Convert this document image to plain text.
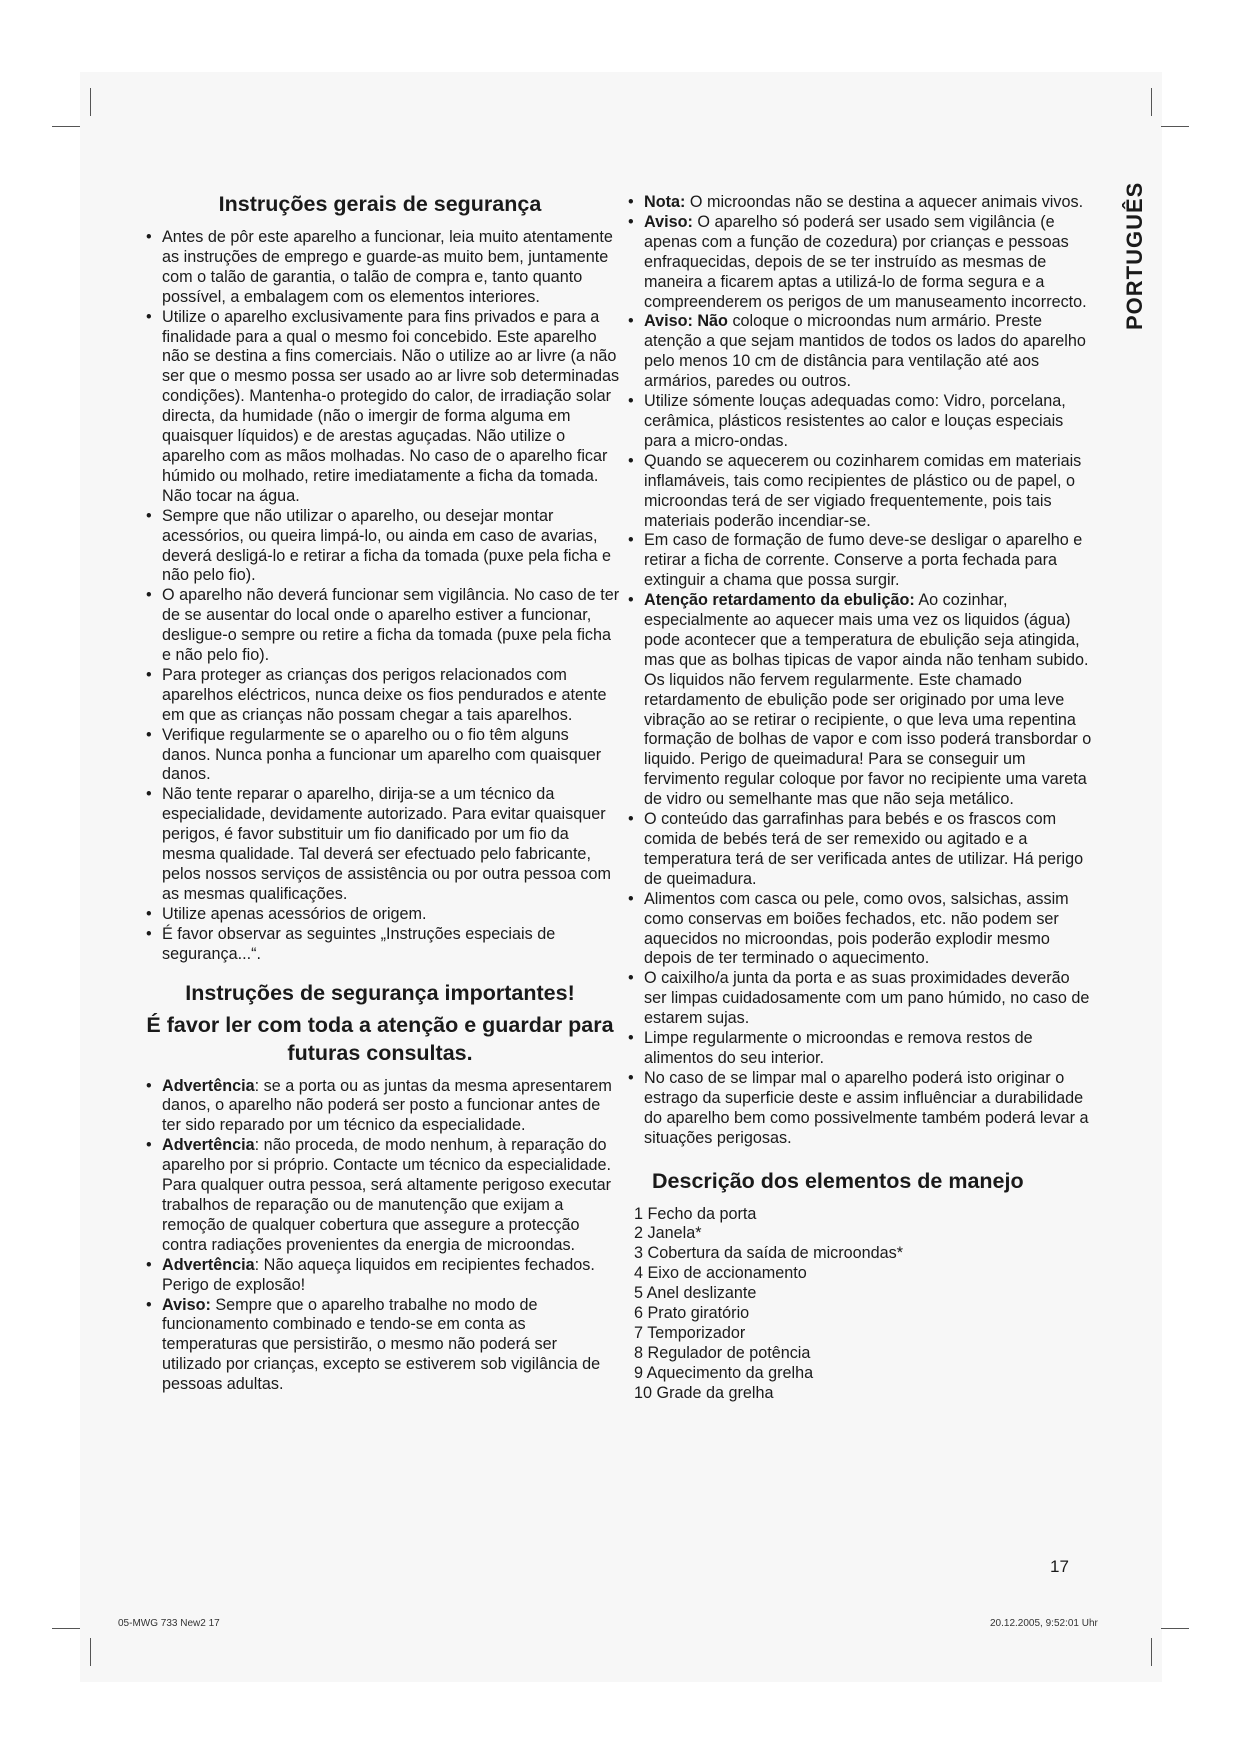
Instruções gerais de segurança
• Antes de pôr este aparelho a funcionar, leia muito atentamente as instruções de emprego e guarde-as muito bem, juntamente com o talão de garantia, o talão de compra e, tanto quanto possível, a embalagem com os elementos interiores.
• Utilize o aparelho exclusivamente para fins privados e para a finalidade para a qual o mesmo foi concebido. Este aparelho não se destina a fins comerciais. Não o utilize ao ar livre (a não ser que o mesmo possa ser usado ao ar livre sob determinadas condições). Mantenha-o protegido do calor, de irradiação solar directa, da humidade (não o imergir de forma alguma em quaisquer líquidos) e de arestas aguçadas. Não utilize o aparelho com as mãos molhadas. No caso de o aparelho ficar húmido ou molhado, retire imediatamente a ficha da tomada. Não tocar na água.
• Sempre que não utilizar o aparelho, ou desejar montar acessórios, ou queira limpá-lo, ou ainda em caso de avarias, deverá desligá-lo e retirar a ficha da tomada (puxe pela ficha e não pelo fio).
• O aparelho não deverá funcionar sem vigilância. No caso de ter de se ausentar do local onde o aparelho estiver a funcionar, desligue-o sempre ou retire a ficha da tomada (puxe pela ficha e não pelo fio).
• Para proteger as crianças dos perigos relacionados com aparelhos eléctricos, nunca deixe os fios pendurados e atente em que as crianças não possam chegar a tais aparelhos.
• Verifique regularmente se o aparelho ou o fio têm alguns danos. Nunca ponha a funcionar um aparelho com quaisquer danos.
• Não tente reparar o aparelho, dirija-se a um técnico da especialidade, devidamente autorizado. Para evitar quaisquer perigos, é favor substituir um fio danificado por um fio da mesma qualidade. Tal deverá ser efectuado pelo fabricante, pelos nossos serviços de assistência ou por outra pessoa com as mesmas qualificações.
• Utilize apenas acessórios de origem.
• É favor observar as seguintes „Instruções especiais de segurança...“.
Instruções de segurança importantes!
É favor ler com toda a atenção e guardar para futuras consultas.
• Advertência: se a porta ou as juntas da mesma apresentarem danos, o aparelho não poderá ser posto a funcionar antes de ter sido reparado por um técnico da especialidade.
• Advertência: não proceda, de modo nenhum, à reparação do aparelho por si próprio. Contacte um técnico da especialidade. Para qualquer outra pessoa, será altamente perigoso executar trabalhos de reparação ou de manutenção que exijam a remoção de qualquer cobertura que assegure a protecção contra radiações provenientes da energia de microondas.
• Advertência: Não aqueça liquidos em recipientes fechados. Perigo de explosão!
• Aviso: Sempre que o aparelho trabalhe no modo de funcionamento combinado e tendo-se em conta as temperaturas que persistirão, o mesmo não poderá ser utilizado por crianças, excepto se estiverem sob vigilância de pessoas adultas.
• Nota: O microondas não se destina a aquecer animais vivos.
• Aviso: O aparelho só poderá ser usado sem vigilância (e apenas com a função de cozedura) por crianças e pessoas enfraquecidas, depois de se ter instruído as mesmas de maneira a ficarem aptas a utilizá-lo de forma segura e a compreenderem os perigos de um manuseamento incorrecto.
• Aviso: Não coloque o microondas num armário. Preste atenção a que sejam mantidos de todos os lados do aparelho pelo menos 10 cm de distância para ventilação até aos armários, paredes ou outros.
• Utilize sómente louças adequadas como: Vidro, porcelana, cerâmica, plásticos resistentes ao calor e louças especiais para a micro-ondas.
• Quando se aquecerem ou cozinharem comidas em materiais inflamáveis, tais como recipientes de plástico ou de papel, o microondas terá de ser vigiado frequentemente, pois tais materiais poderão incendiar-se.
• Em caso de formação de fumo deve-se desligar o aparelho e retirar a ficha de corrente. Conserve a porta fechada para extinguir a chama que possa surgir.
• Atenção retardamento da ebulição: Ao cozinhar, especialmente ao aquecer mais uma vez os liquidos (água) pode acontecer que a temperatura de ebulição seja atingida, mas que as bolhas tipicas de vapor ainda não tenham subido. Os liquidos não fervem regularmente. Este chamado retardamento de ebulição pode ser originado por uma leve vibração ao se retirar o recipiente, o que leva uma repentina formação de bolhas de vapor e com isso poderá transbordar o liquido. Perigo de queimadura! Para se conseguir um fervimento regular coloque por favor no recipiente uma vareta de vidro ou semelhante mas que não seja metálico.
• O conteúdo das garrafinhas para bebés e os frascos com comida de bebés terá de ser remexido ou agitado e a temperatura terá de ser verificada antes de utilizar. Há perigo de queimadura.
• Alimentos com casca ou pele, como ovos, salsichas, assim como conservas em boiões fechados, etc. não podem ser aquecidos no microondas, pois poderão explodir mesmo depois de ter terminado o aquecimento.
• O caixilho/a junta da porta e as suas proximidades deverão ser limpas cuidadosamente com um pano húmido, no caso de estarem sujas.
• Limpe regularmente o microondas e remova restos de alimentos do seu interior.
• No caso de se limpar mal o aparelho poderá isto originar o estrago da superficie deste e assim influênciar a durabilidade do aparelho bem como possivelmente também poderá levar a situações perigosas.
Descrição dos elementos de manejo
1 Fecho da porta
2 Janela*
3 Cobertura da saída de microondas*
4 Eixo de accionamento
5 Anel deslizante
6 Prato giratório
7 Temporizador
8 Regulador de potência
9 Aquecimento da grelha
10 Grade da grelha
PORTUGUÊS
17
05-MWG 733 New2 17	20.12.2005, 9:52:01 Uhr
